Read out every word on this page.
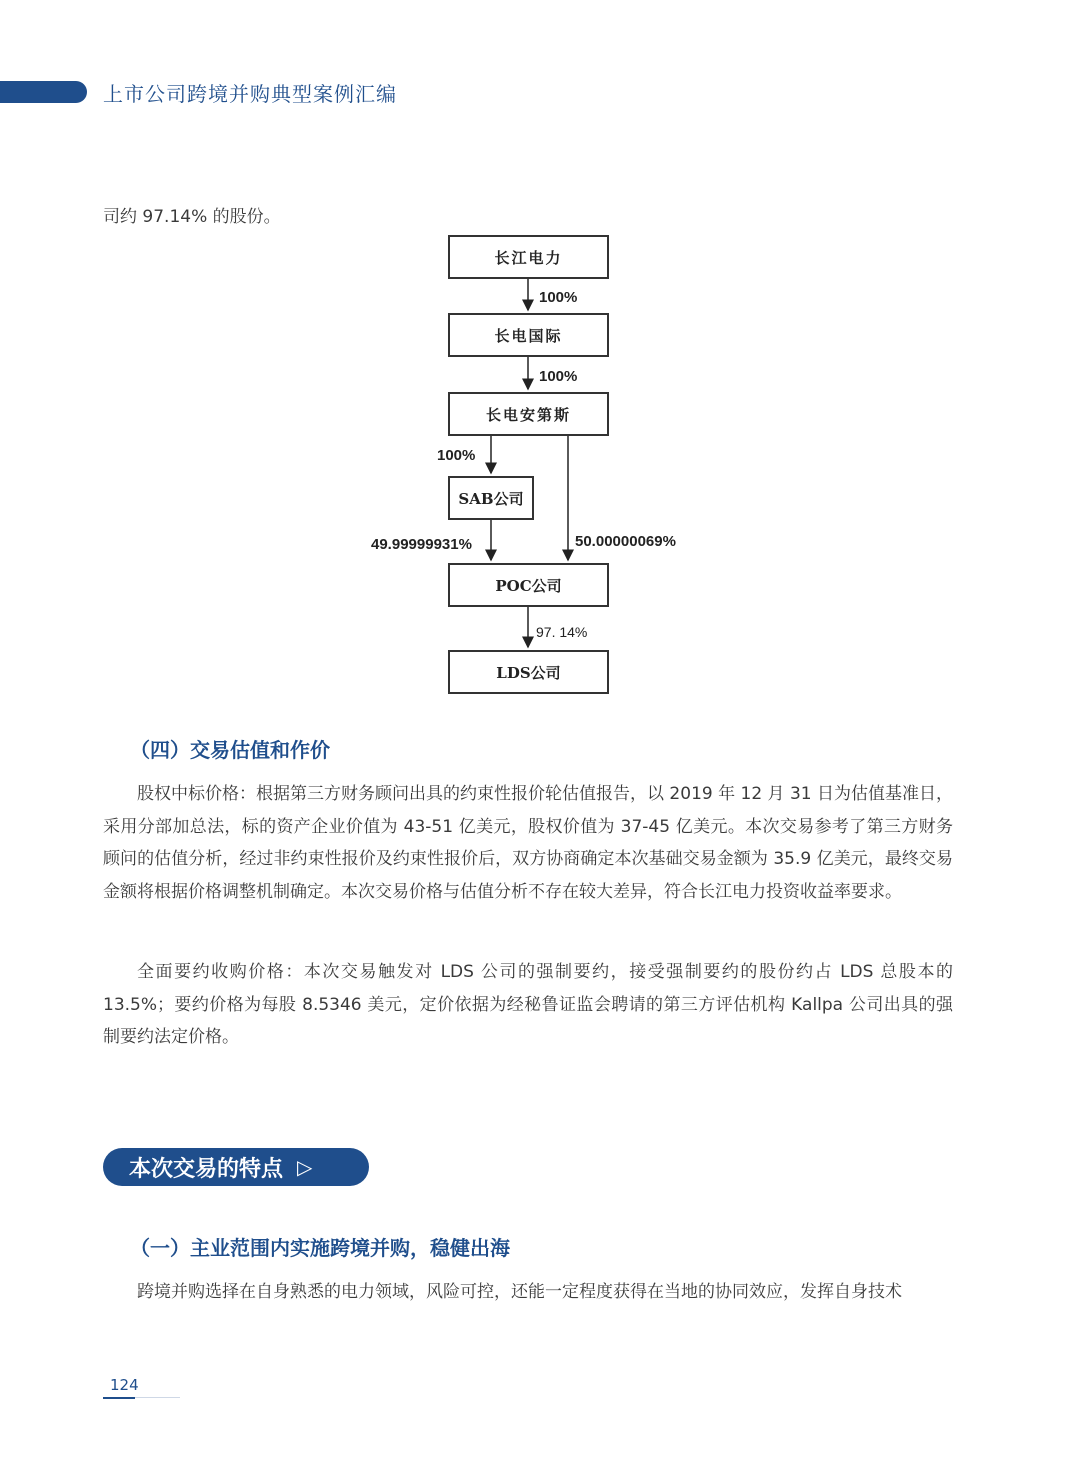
上市公司跨境并购典型案例汇编
司约 97.14% 的股份。
长江电力
长电国际
长电安第斯
SAB公司
POC公司
LDS公司
100%
100%
100%
49.99999931%	50.00000069%
97. 14%
（四）交易估值和作价

股权中标价格：根据第三方财务顾问出具的约束性报价轮估值报告，以 2019 年 12 月 31 日为估值基准日，采用分部加总法，标的资产企业价值为 43-51 亿美元，股权价值为 37-45 亿美元。本次交易参考了第三方财务顾问的估值分析，经过非约束性报价及约束性报价后，双方协商确定本次基础交易金额为 35.9 亿美元，最终交易金额将根据价格调整机制确定。本次交易价格与估值分析不存在较大差异，符合长江电力投资收益率要求。

全面要约收购价格：本次交易触发对 LDS 公司的强制要约，接受强制要约的股份约占 LDS 总股本的13.5%；要约价格为每股 8.5346 美元，定价依据为经秘鲁证监会聘请的第三方评估机构 Kallpa 公司出具的强制要约法定价格。

本次交易的特点 ▷
（一）主业范围内实施跨境并购，稳健出海

跨境并购选择在自身熟悉的电力领域，风险可控，还能一定程度获得在当地的协同效应，发挥自身技术

124
